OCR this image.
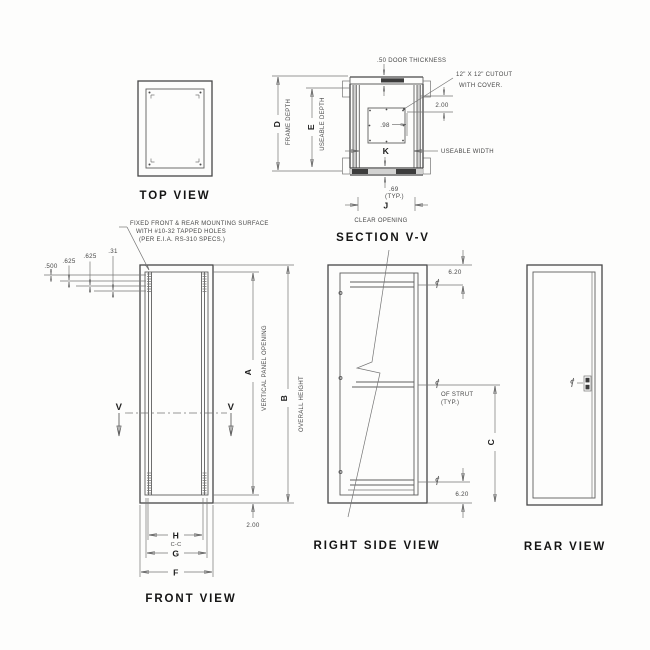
TOP VIEW
.50 DOOR THICKNESS
12" X 12" CUTOUT
WITH COVER.
2.00
.98
K	USEABLE WIDTH
.69
(TYP.)
J
CLEAR OPENING
D FRAME DEPTH E USEABLE DEPTH
SECTION V-V
FIXED FRONT & REAR MOUNTING SURFACE
WITH #10-32 TAPPED HOLES
(PER E.I.A. RS-310 SPECS.)
.500
.625
.625
.31
V	V
A VERTICAL PANEL OPENING B OVERALL HEIGHT
2.00
H
C-C
G
F
FRONT VIEW
6.20
OF STRUT
(TYP.)
C
6.20
RIGHT SIDE VIEW	REAR VIEW
